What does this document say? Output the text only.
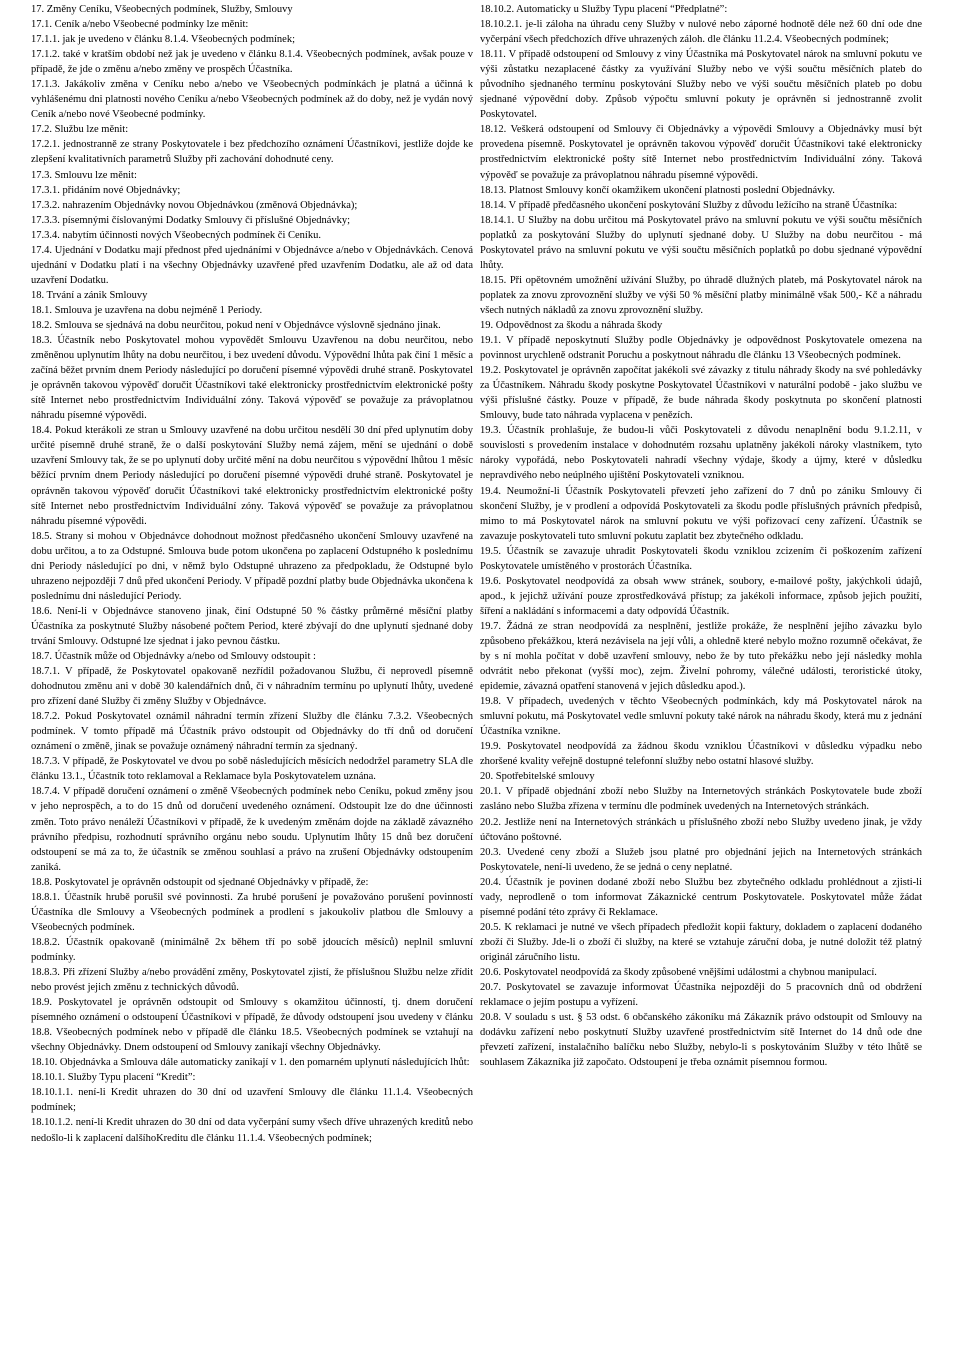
17. Změny Ceníku, Všeobecných podmínek, Služby, Smlouvy

17.1. Ceník a/nebo Všeobecné podmínky lze měnit:

17.1.1. jak je uvedeno v článku 8.1.4. Všeobecných podmínek;

17.1.2. také v kratším období než jak je uvedeno v článku 8.1.4. Všeobecných podmínek, avšak pouze v případě, že jde o změnu a/nebo změny ve prospěch Účastníka.

17.1.3. Jakákoliv změna v Ceníku nebo a/nebo ve Všeobecných podmínkách je platná a účinná k vyhlášenému dni platnosti nového Ceníku a/nebo Všeobecných podmínek až do doby, než je vydán nový Ceník a/nebo nové Všeobecné podmínky.

17.2. Službu lze měnit:

17.2.1. jednostranně ze strany Poskytovatele i bez předchozího oznámení Účastníkovi, jestliže dojde ke zlepšení kvalitativních parametrů Služby při zachování dohodnuté ceny.

17.3. Smlouvu lze měnit:

17.3.1. přidáním nové Objednávky;

17.3.2. nahrazením Objednávky novou Objednávkou (změnová Objednávka);

17.3.3. písemnými číslovanými Dodatky Smlouvy či příslušné Objednávky;

17.3.4. nabytím účinnosti nových Všeobecných podmínek či Ceníku.

17.4. Ujednání v Dodatku mají přednost před ujednáními v Objednávce a/nebo v Objednávkách. Cenová ujednání v Dodatku platí i na všechny Objednávky uzavřené před uzavřením Dodatku, ale až od data uzavření Dodatku.

18. Trvání a zánik Smlouvy

18.1. Smlouva je uzavřena na dobu nejméně 1 Periody.

18.2. Smlouva se sjednává na dobu neurčitou, pokud není v Objednávce výslovně sjednáno jinak.

18.3. Účastník nebo Poskytovatel mohou vypovědět Smlouvu Uzavřenou na dobu neurčitou, nebo změněnou uplynutím lhůty na dobu neurčitou, i bez uvedení důvodu. Výpovědní lhůta pak činí 1 měsíc a začíná běžet prvním dnem Periody následující po doručení písemné výpovědi druhé straně. Poskytovatel je oprávněn takovou výpověď doručit Účastníkovi také elektronicky prostřednictvím elektronické pošty sítě Internet nebo prostřednictvím Individuální zóny. Taková výpověď se považuje za právoplatnou náhradu písemné výpovědi.

18.4. Pokud kterákoli ze stran u Smlouvy uzavřené na dobu určitou nesdělí 30 dní před uplynutím doby určité písemně druhé straně, že o další poskytování Služby nemá zájem, mění se ujednání o době uzavření Smlouvy tak, že se po uplynutí doby určité mění na dobu neurčitou s výpovědní lhůtou 1 měsíc běžící prvním dnem Periody následující po doručení písemné výpovědi druhé straně. Poskytovatel je oprávněn takovou výpověď doručit Účastníkovi také elektronicky prostřednictvím elektronické pošty sítě Internet nebo prostřednictvím Individuální zóny. Taková výpověď se považuje za právoplatnou náhradu písemné výpovědi.

18.5. Strany si mohou v Objednávce dohodnout možnost předčasného ukončení Smlouvy uzavřené na dobu určitou, a to za Odstupné. Smlouva bude potom ukončena po zaplacení Odstupného k poslednímu dni Periody následující po dni, v němž bylo Odstupné uhrazeno za předpokladu, že Odstupné bylo uhrazeno nejpozději 7 dnů před ukončení Periody. V případě pozdní platby bude Objednávka ukončena k poslednímu dni následující Periody.

18.6. Není-li v Objednávce stanoveno jinak, činí Odstupné 50 % částky průměrné měsíční platby Účastníka za poskytnuté Služby násobené počtem Period, které zbývají do dne uplynutí sjednané doby trvání Smlouvy. Odstupné lze sjednat i jako pevnou částku.

18.7. Účastník může od Objednávky a/nebo od Smlouvy odstoupit :

18.7.1. V případě, že Poskytovatel opakovaně nezřídil požadovanou Službu, či neprovedl písemně dohodnutou změnu ani v době 30 kalendářních dnů, či v náhradním termínu po uplynutí lhůty, uvedené pro zřízení dané Služby či změny Služby v Objednávce.

18.7.2. Pokud Poskytovatel oznámil náhradní termín zřízení Služby dle článku 7.3.2. Všeobecných podmínek. V tomto případě má Účastník právo odstoupit od Objednávky do tří dnů od doručení oznámení o změně, jinak se považuje oznámený náhradní termín za sjednaný.

18.7.3. V případě, že Poskytovatel ve dvou po sobě následujících měsících nedodržel parametry SLA dle článku 13.1., Účastník toto reklamoval a Reklamace byla Poskytovatelem uznána.

18.7.4. V případě doručení oznámení o změně Všeobecných podmínek nebo Ceníku, pokud změny jsou v jeho neprospěch, a to do 15 dnů od doručení uvedeného oznámení. Odstoupit lze do dne účinnosti změn. Toto právo nenáleží Účastníkovi v případě, že k uvedeným změnám dojde na základě závazného právního předpisu, rozhodnutí správního orgánu nebo soudu. Uplynutím lhůty 15 dnů bez doručení odstoupení se má za to, že účastník se změnou souhlasí a právo na zrušení Objednávky odstoupením zaniká.

18.8. Poskytovatel je oprávněn odstoupit od sjednané Objednávky v případě, že:

18.8.1. Účastník hrubě porušil své povinnosti. Za hrubé porušení je považováno porušení povinností Účastníka dle Smlouvy a Všeobecných podmínek a prodlení s jakoukoliv platbou dle Smlouvy a Všeobecných podmínek.

18.8.2. Účastník opakovaně (minimálně 2x během tří po sobě jdoucích měsíců) neplnil smluvní podmínky.

18.8.3. Při zřízení Služby a/nebo provádění změny, Poskytovatel zjistí, že příslušnou Službu nelze zřídit nebo provést jejich změnu z technických důvodů.

18.9. Poskytovatel je oprávněn odstoupit od Smlouvy s okamžitou účinností, tj. dnem doručení písemného oznámení o odstoupení Účastníkovi v případě, že důvody odstoupení jsou uvedeny v článku 18.8. Všeobecných podmínek nebo v případě dle článku 18.5. Všeobecných podmínek se vztahují na všechny Objednávky. Dnem odstoupení od Smlouvy zanikají všechny Objednávky.

18.10. Objednávka a Smlouva dále automaticky zanikají v 1. den pomarném uplynutí následujících lhůt:

18.10.1. Služby Typu placení “Kredit”:

18.10.1.1. není-li Kredit uhrazen do 30 dní od uzavření Smlouvy dle článku 11.1.4. Všeobecných podmínek;

18.10.1.2. není-li Kredit uhrazen do 30 dní od data vyčerpání sumy všech dříve uhrazených kreditů nebo nedošlo-li k zaplacení dalšíhoKreditu dle článku 11.1.4. Všeobecných podmínek;

18.10.2. Automaticky u Služby Typu placení “Předplatné”:

18.10.2.1. je-li záloha na úhradu ceny Služby v nulové nebo záporné hodnotě déle než 60 dní ode dne vyčerpání všech předchozích dříve uhrazených záloh. dle článku 11.2.4. Všeobecných podmínek;

18.11. V případě odstoupení od Smlouvy z viny Účastníka má Poskytovatel nárok na smluvní pokutu ve výši zůstatku nezaplacené částky za využívání Služby nebo ve výši součtu měsíčních plateb do původního sjednaného termínu poskytování Služby nebo ve výši součtu měsíčních plateb po dobu sjednané výpovědní doby. Způsob výpočtu smluvní pokuty je oprávněn si jednostranně zvolit Poskytovatel.

18.12. Veškerá odstoupení od Smlouvy či Objednávky a výpovědi Smlouvy a Objednávky musí být provedena písemně. Poskytovatel je oprávněn takovou výpověď doručit Účastníkovi také elektronicky prostřednictvím elektronické pošty sítě Internet nebo prostřednictvím Individuální zóny. Taková výpověď se považuje za právoplatnou náhradu písemné výpovědi.

18.13. Platnost Smlouvy končí okamžikem ukončení platnosti poslední Objednávky.

18.14. V případě předčasného ukončení poskytování Služby z důvodu ležícího na straně Účastníka:

18.14.1. U Služby na dobu určitou má Poskytovatel právo na smluvní pokutu ve výši součtu měsíčních poplatků za poskytování Služby do uplynutí sjednané doby. U Služby na dobu neurčitou - má Poskytovatel právo na smluvní pokutu ve výši součtu měsíčních poplatků po dobu sjednané výpovědní lhůty.

18.15. Při opětovném umožnění užívání Služby, po úhradě dlužných plateb, má Poskytovatel nárok na poplatek za znovu zprovoznění služby ve výši 50 % měsíční platby minimálně však 500,- Kč a náhradu všech nutných nákladů za znovu zprovoznění služby.

19. Odpovědnost za škodu a náhrada škody

19.1. V případě neposkytnutí Služby podle Objednávky je odpovědnost Poskytovatele omezena na povinnost urychleně odstranit Poruchu a poskytnout náhradu dle článku 13 Všeobecných podmínek.

19.2. Poskytovatel je oprávněn započítat jakékoli své závazky z titulu náhrady škody na své pohledávky za Účastníkem. Náhradu škody poskytne Poskytovatel Účastníkovi v naturální podobě - jako službu ve výši příslušné částky. Pouze v případě, že bude náhrada škody poskytnuta po skončení platnosti Smlouvy, bude tato náhrada vyplacena v penězích.

19.3. Účastník prohlašuje, že budou-li vůči Poskytovateli z důvodu nenaplnění bodu 9.1.2.11, v souvislosti s provedením instalace v dohodnutém rozsahu uplatněny jakékoli nároky vlastníkem, tyto nároky vypořádá, nebo Poskytovateli nahradí všechny výdaje, škody a újmy, které v důsledku nepravdivého nebo neúplného ujištění Poskytovateli vzniknou.

19.4. Neumožní-li Účastník Poskytovateli převzetí jeho zařízení do 7 dnů po zániku Smlouvy či skončení Služby, je v prodlení a odpovídá Poskytovateli za škodu podle příslušných právních předpisů, mimo to má Poskytovatel nárok na smluvní pokutu ve výši pořizovací ceny zařízení. Účastník se zavazuje poskytovateli tuto smluvní pokutu zaplatit bez zbytečného odkladu.

19.5. Účastník se zavazuje uhradit Poskytovateli škodu vzniklou zcizením či poškozením zařízení Poskytovatele umístěného v prostorách Účastníka.

19.6. Poskytovatel neodpovídá za obsah www stránek, soubory, e-mailové pošty, jakýchkoli údajů, apod., k jejichž užívání pouze zprostředkovává přístup; za jakékoli informace, způsob jejich použití, šíření a nakládání s informacemi a daty odpovídá Účastník.

19.7. Žádná ze stran neodpovídá za nesplnění, jestliže prokáže, že nesplnění jejího závazku bylo způsobeno překážkou, která nezávisela na její vůli, a ohledně které nebylo možno rozumně očekávat, že by s ní mohla počítat v době uzavření smlouvy, nebo že by tuto překážku nebo její následky mohla odvrátit nebo překonat (vyšší moc), zejm. Živelní pohromy, válečné události, teroristické útoky, epidemie, závazná opatření stanovená v jejich důsledku apod.).

19.8. V případech, uvedených v těchto Všeobecných podmínkách, kdy má Poskytovatel nárok na smluvní pokutu, má Poskytovatel vedle smluvní pokuty také nárok na náhradu škody, která mu z jednání Účastníka vznikne.

19.9. Poskytovatel neodpovídá za žádnou škodu vzniklou Účastníkovi v důsledku výpadku nebo zhoršené kvality veřejně dostupné telefonní služby nebo ostatní hlasové služby.

20. Spotřebitelské smlouvy

20.1. V případě objednání zboží nebo Služby na Internetových stránkách Poskytovatele bude zboží zasláno nebo Služba zřízena v termínu dle podmínek uvedených na Internetových stránkách.

20.2. Jestliže není na Internetových stránkách u příslušného zboží nebo Služby uvedeno jinak, je vždy účtováno poštovné.

20.3. Uvedené ceny zboží a Služeb jsou platné pro objednání jejich na Internetových stránkách Poskytovatele, není-li uvedeno, že se jedná o ceny neplatné.

20.4. Účastník je povinen dodané zboží nebo Službu bez zbytečného odkladu prohlédnout a zjisti-li vady, neprodleně o tom informovat Zákaznické centrum Poskytovatele. Poskytovatel může žádat písemné podání této zprávy či Reklamace.

20.5. K reklamaci je nutné ve všech případech předložit kopii faktury, dokladem o zaplacení dodaného zboží či Služby. Jde-li o zboží či služby, na které se vztahuje záruční doba, je nutné doložit též platný originál záručního listu.

20.6. Poskytovatel neodpovídá za škody způsobené vnějšími událostmi a chybnou manipulací.

20.7. Poskytovatel se zavazuje informovat Účastníka nejpozději do 5 pracovních dnů od obdržení reklamace o jejím postupu a vyřízení.

20.8. V souladu s ust. § 53 odst. 6 občanského zákoníku má Zákazník právo odstoupit od Smlouvy na dodávku zařízení nebo poskytnutí Služby uzavřené prostřednictvím sítě Internet do 14 dnů ode dne převzetí zařízení, instalačního balíčku nebo Služby, nebylo-li s poskytováním Služby v této lhůtě se souhlasem Zákazníka již započato. Odstoupení je třeba oznámit písemnou formou.
